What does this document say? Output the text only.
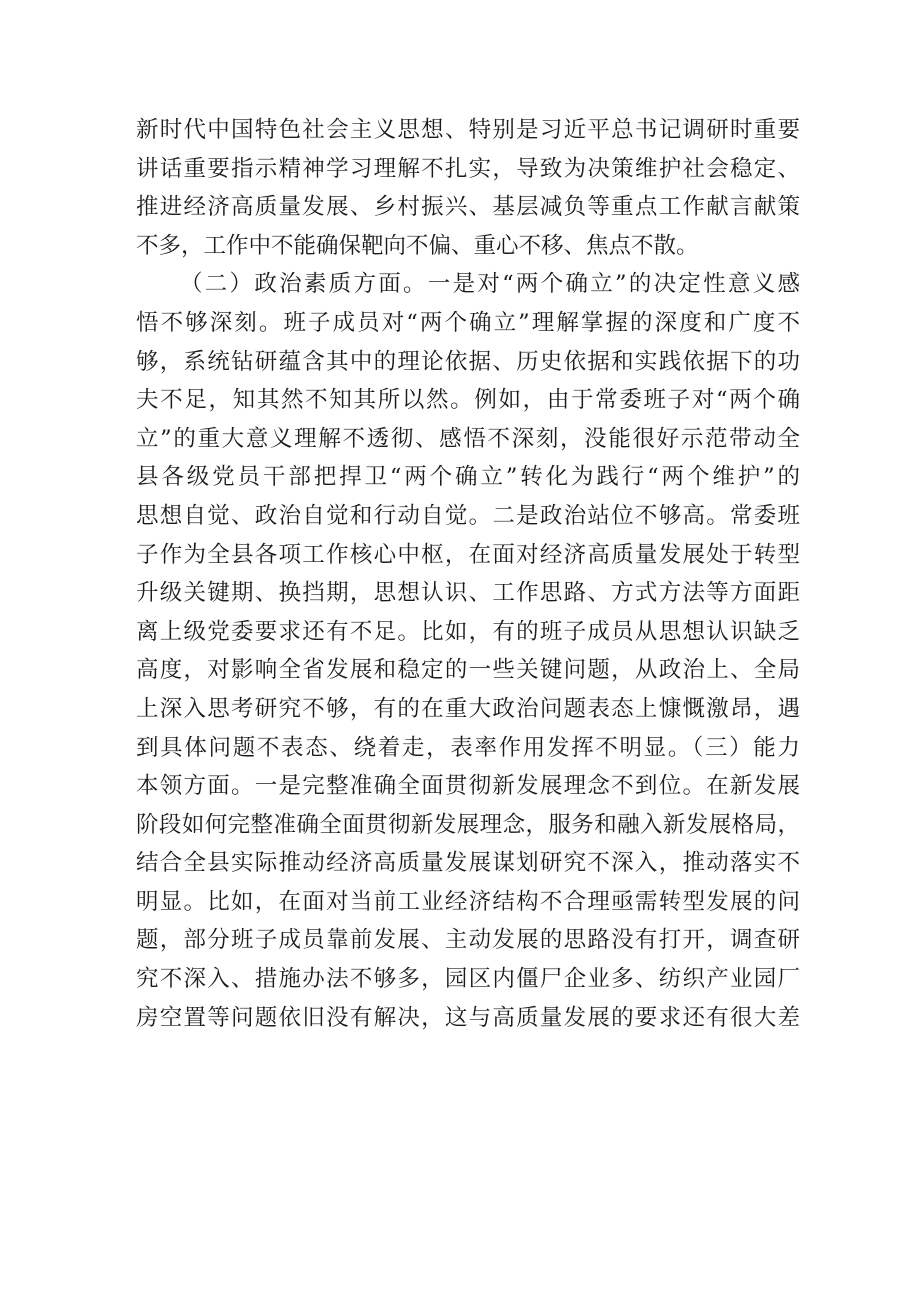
新时代中国特色社会主义思想、特别是习近平总书记调研时重要
讲话重要指示精神学习理解不扎实，导致为决策维护社会稳定、
推进经济高质量发展、乡村振兴、基层减负等重点工作献言献策
不多，工作中不能确保靶向不偏、重心不移、焦点不散。
（二）政治素质方面。一是对“两个确立”的决定性意义感
悟不够深刻。班子成员对“两个确立”理解掌握的深度和广度不
够，系统钻研蕴含其中的理论依据、历史依据和实践依据下的功
夫不足，知其然不知其所以然。例如，由于常委班子对“两个确
立”的重大意义理解不透彻、感悟不深刻，没能很好示范带动全
县各级党员干部把捍卫“两个确立”转化为践行“两个维护”的
思想自觉、政治自觉和行动自觉。二是政治站位不够高。常委班
子作为全县各项工作核心中枢，在面对经济高质量发展处于转型
升级关键期、换挡期，思想认识、工作思路、方式方法等方面距
离上级党委要求还有不足。比如，有的班子成员从思想认识缺乏
高度，对影响全省发展和稳定的一些关键问题，从政治上、全局
上深入思考研究不够，有的在重大政治问题表态上慷慨激昂，遇
到具体问题不表态、绕着走，表率作用发挥不明显。（三）能力
本领方面。一是完整准确全面贯彻新发展理念不到位。在新发展
阶段如何完整准确全面贯彻新发展理念，服务和融入新发展格局，
结合全县实际推动经济高质量发展谋划研究不深入，推动落实不
明显。比如，在面对当前工业经济结构不合理亟需转型发展的问
题，部分班子成员靠前发展、主动发展的思路没有打开，调查研
究不深入、措施办法不够多，园区内僵尸企业多、纺织产业园厂
房空置等问题依旧没有解决，这与高质量发展的要求还有很大差
